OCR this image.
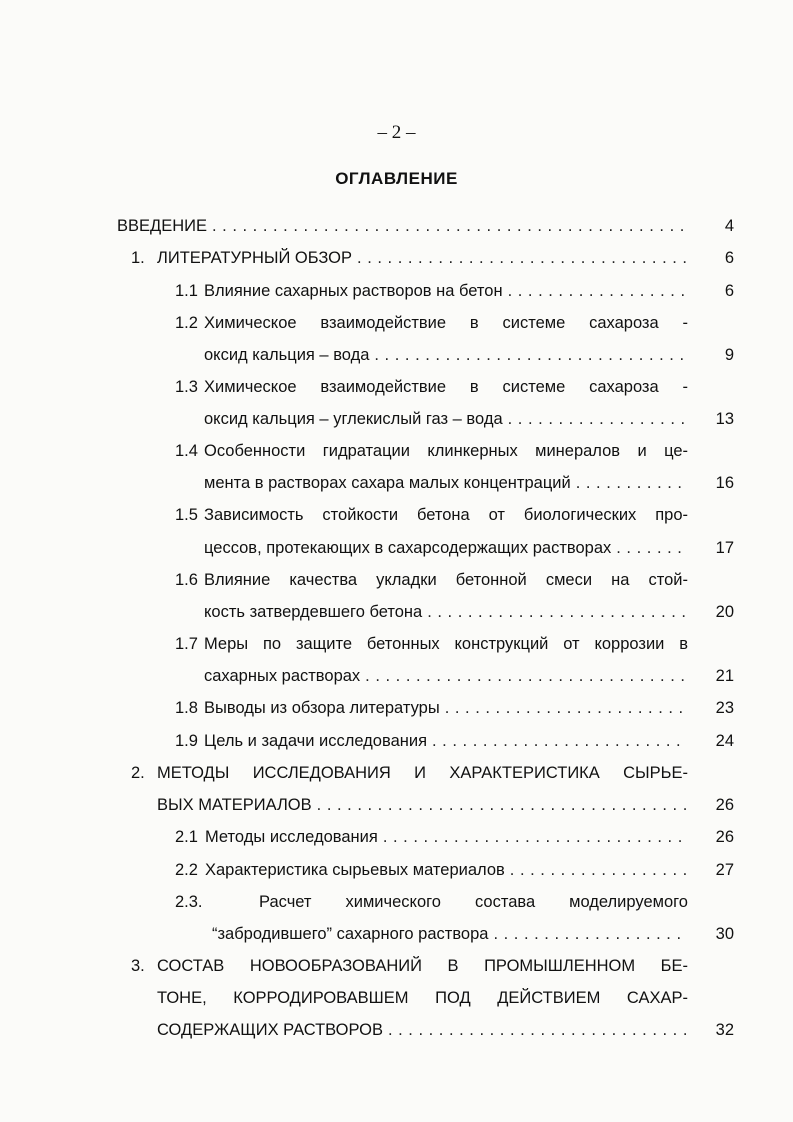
– 2 –
ОГЛАВЛЕНИЕ
ВВЕДЕНИЕ . . .	4
1. ЛИТЕРАТУРНЫЙ ОБЗОР . . .	6
1.1 Влияние сахарных растворов на бетон . . .	6
1.2 Химическое взаимодействие в системе сахароза -
оксид кальция – вода . . .	9
1.3 Химическое взаимодействие в системе сахароза -
оксид кальция – углекислый газ – вода . . .	13
1.4 Особенности гидратации клинкерных минералов и це-
мента в растворах сахара малых концентраций . . .	16
1.5 Зависимость стойкости бетона от биологических про-
цессов, протекающих в сахарсодержащих растворах . . .	17
1.6 Влияние качества укладки бетонной смеси на стой-
кость затвердевшего бетона . . .	20
1.7 Меры по защите бетонных конструкций от коррозии в
сахарных растворах . . .	21
1.8 Выводы из обзора литературы . . .	23
1.9 Цель и задачи исследования . . .	24
2. МЕТОДЫ ИССЛЕДОВАНИЯ И ХАРАКТЕРИСТИКА СЫРЬЕ-
ВЫХ МАТЕРИАЛОВ . . .	26
2.1 Методы исследования . . .	26
2.2 Характеристика сырьевых материалов . . .	27
2.3.	Расчет химического состава моделируемого
“забродившего” сахарного раствора . . .	30
3. СОСТАВ НОВООБРАЗОВАНИЙ В ПРОМЫШЛЕННОМ БЕ-
ТОНЕ, КОРРОДИРОВАВШЕМ ПОД ДЕЙСТВИЕМ САХАР-
СОДЕРЖАЩИХ РАСТВОРОВ . . .	32
